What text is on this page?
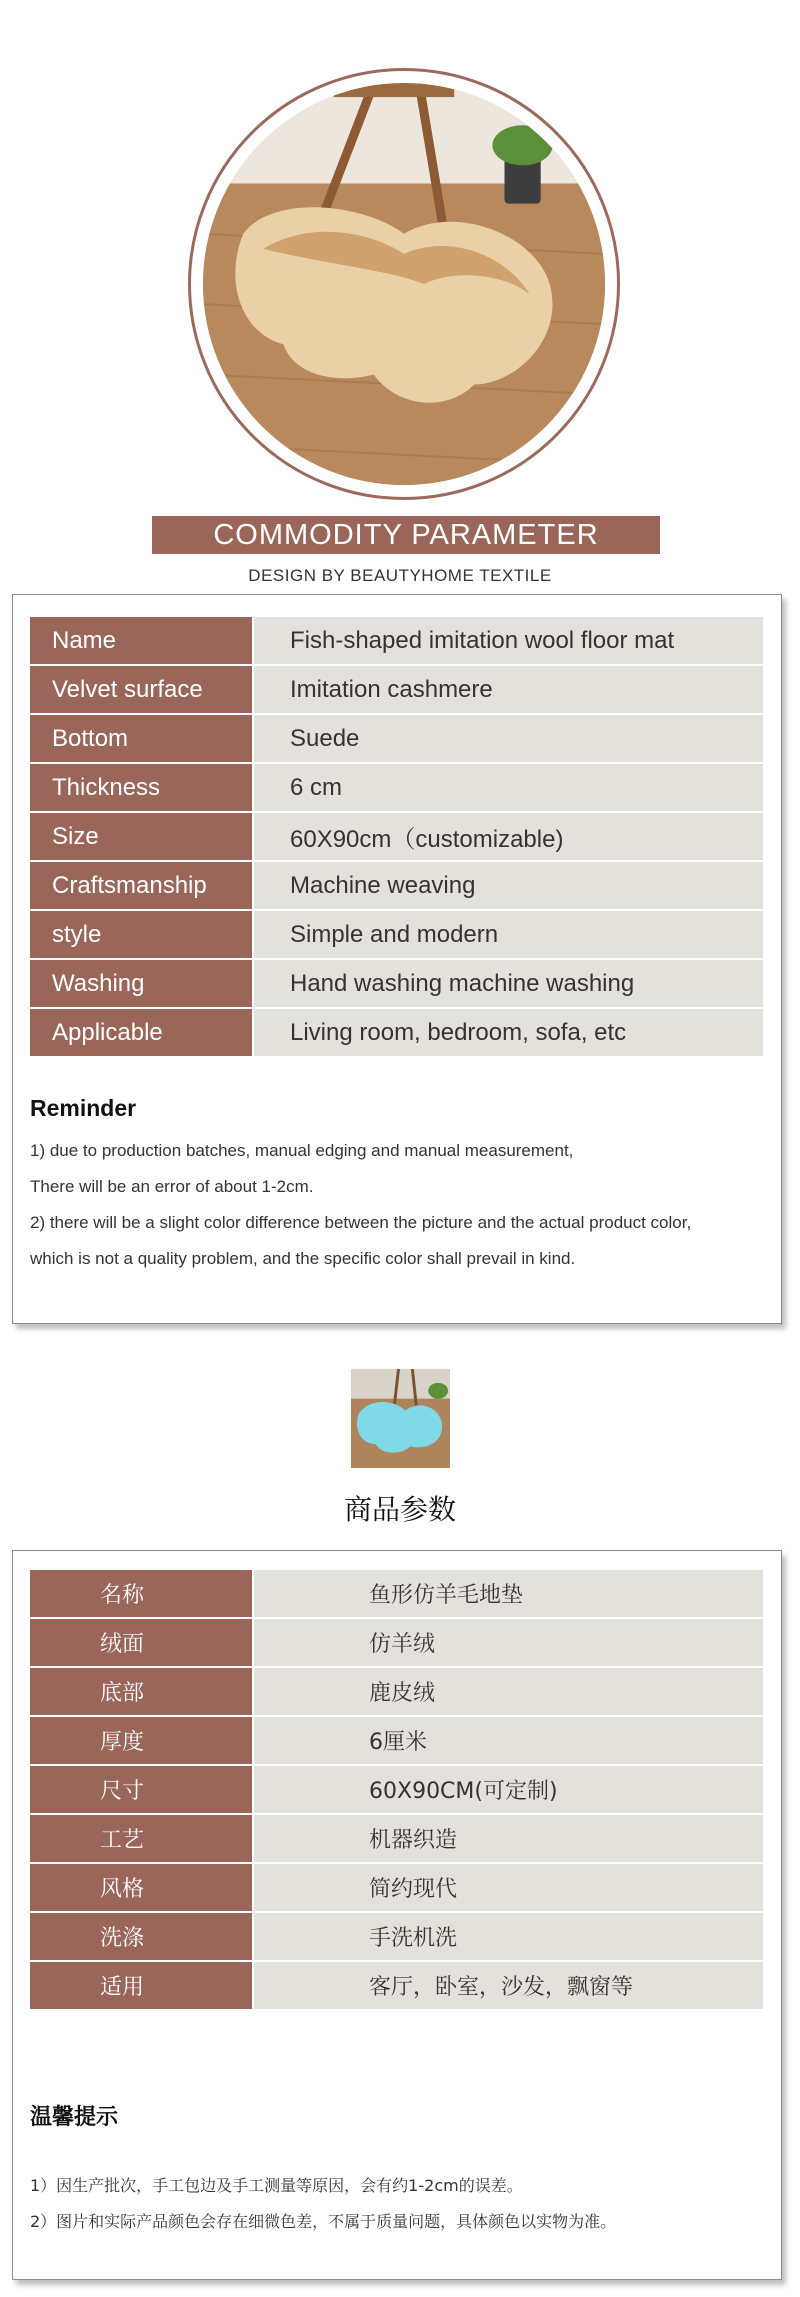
COMMODITY PARAMETER
DESIGN BY BEAUTYHOME TEXTILE
Name	Fish-shaped imitation wool floor mat
Velvet surface	Imitation cashmere
Bottom	Suede
Thickness	6 cm
Size	60X90cm（customizable)
Craftsmanship	Machine weaving
style	Simple and modern
Washing	Hand washing machine washing
Applicable	Living room, bedroom, sofa, etc
Reminder
1) due to production batches, manual edging and manual measurement,
There will be an error of about 1-2cm.
2) there will be a slight color difference between the picture and the actual product color,
which is not a quality problem, and the specific color shall prevail in kind.
商品参数
名称	鱼形仿羊毛地垫
绒面	仿羊绒
底部	鹿皮绒
厚度	6厘米
尺寸	60X90CM(可定制)
工艺	机器织造
风格	简约现代
洗涤	手洗机洗
适用	客厅，卧室，沙发，飘窗等
温馨提示
1）因生产批次，手工包边及手工测量等原因，会有约1-2cm的误差。
2）图片和实际产品颜色会存在细微色差，不属于质量问题，具体颜色以实物为准。
